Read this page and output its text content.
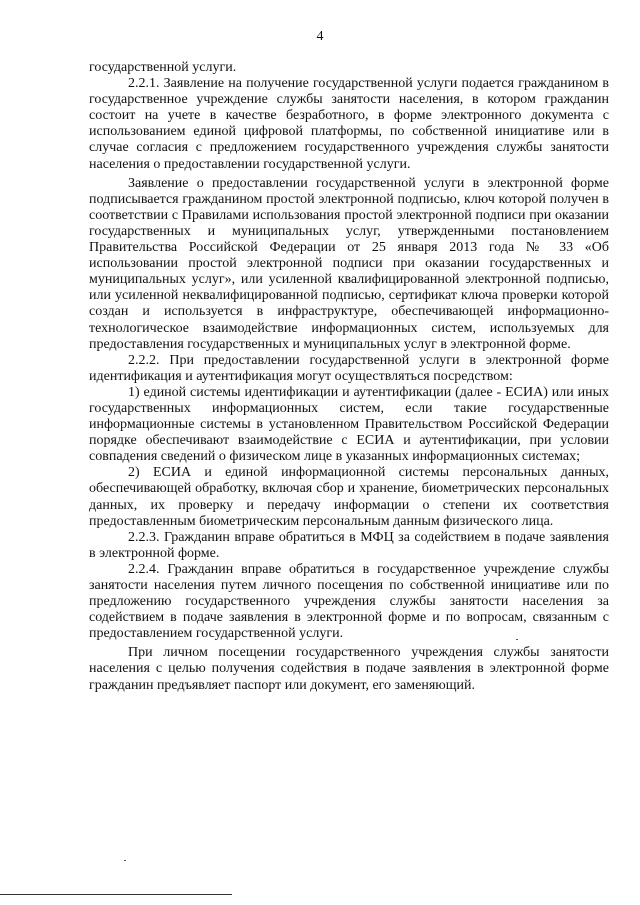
4

государственной услуги.

2.2.1. Заявление на получение государственной услуги подается гражданином в государственное учреждение службы занятости населения, в котором гражданин состоит на учете в качестве безработного, в форме электронного документа с использованием единой цифровой платформы, по собственной инициативе или в случае согласия с предложением государственного учреждения службы занятости населения о предоставлении государственной услуги.

Заявление о предоставлении государственной услуги в электронной форме подписывается гражданином простой электронной подписью, ключ которой получен в соответствии с Правилами использования простой электронной подписи при оказании государственных и муниципальных услуг, утвержденными постановлением Правительства Российской Федерации от 25 января 2013 года № 33 «Об использовании простой электронной подписи при оказании государственных и муниципальных услуг», или усиленной квалифицированной электронной подписью, или усиленной неквалифицированной подписью, сертификат ключа проверки которой создан и используется в инфраструктуре, обеспечивающей информационно-технологическое взаимодействие информационных систем, используемых для предоставления государственных и муниципальных услуг в электронной форме.

2.2.2. При предоставлении государственной услуги в электронной форме идентификация и аутентификация могут осуществляться посредством:

1) единой системы идентификации и аутентификации (далее - ЕСИА) или иных государственных информационных систем, если такие государственные информационные системы в установленном Правительством Российской Федерации порядке обеспечивают взаимодействие с ЕСИА и аутентификации, при условии совпадения сведений о физическом лице в указанных информационных системах;

2) ЕСИА и единой информационной системы персональных данных, обеспечивающей обработку, включая сбор и хранение, биометрических персональных данных, их проверку и передачу информации о степени их соответствия предоставленным биометрическим персональным данным физического лица.

2.2.3. Гражданин вправе обратиться в МФЦ за содействием в подаче заявления в электронной форме.

2.2.4. Гражданин вправе обратиться в государственное учреждение службы занятости населения путем личного посещения по собственной инициативе или по предложению государственного учреждения службы занятости населения за содействием в подаче заявления в электронной форме и по вопросам, связанным с предоставлением государственной услуги.

При личном посещении государственного учреждения службы занятости населения с целью получения содействия в подаче заявления в электронной форме гражданин предъявляет паспорт или документ, его заменяющий.
